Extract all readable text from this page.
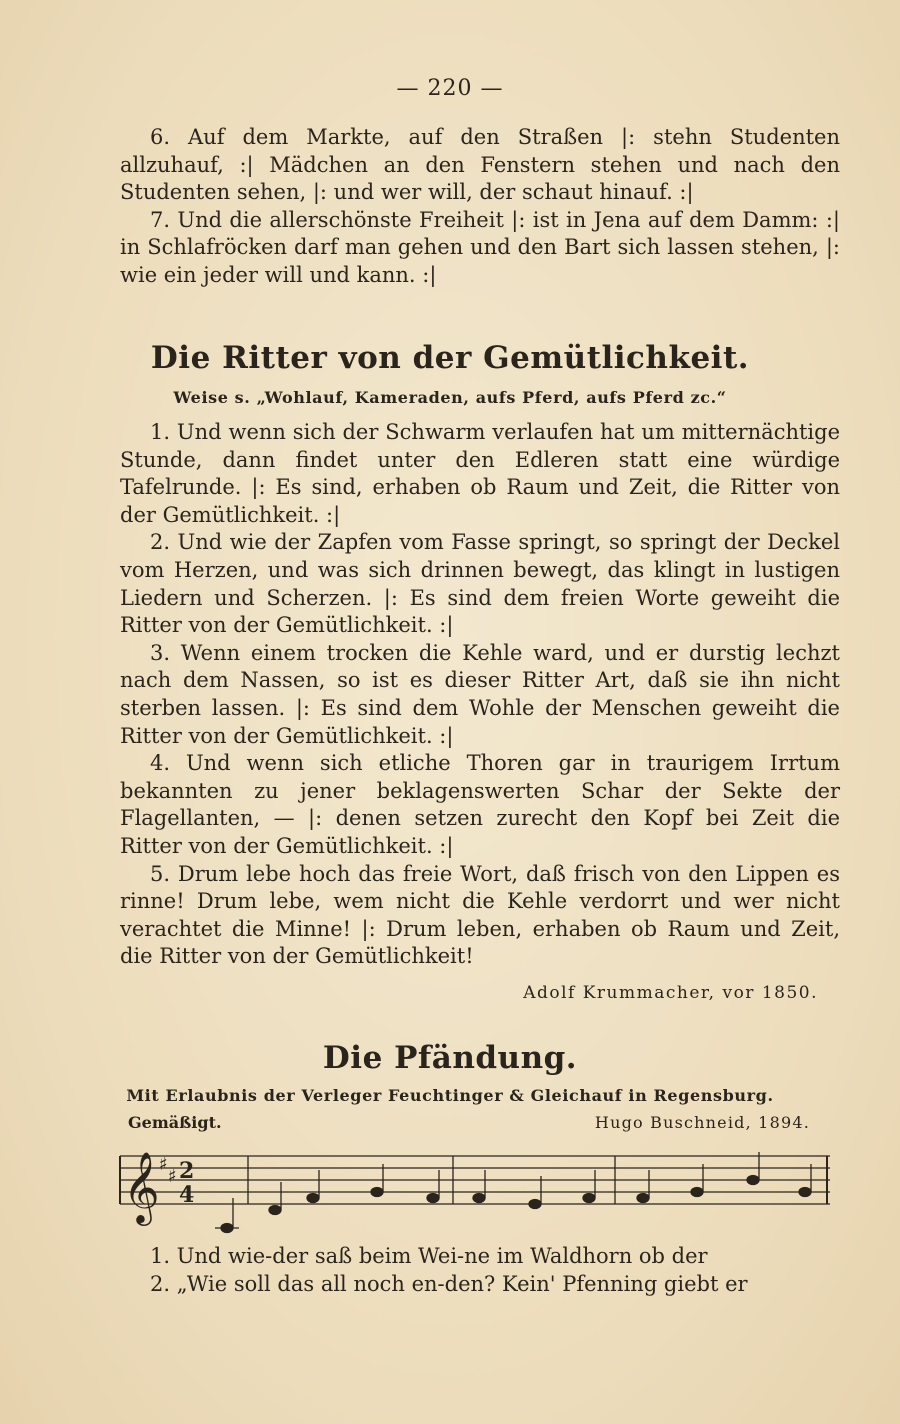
— 220 —

6. Auf dem Markte, auf den Straßen |: stehn Studenten allzuhauf, :| Mädchen an den Fenstern stehen und nach den Studenten sehen, |: und wer will, der schaut hinauf. :|

7. Und die allerschönste Freiheit |: ist in Jena auf dem Damm: :| in Schlafröcken darf man gehen und den Bart sich lassen stehen, |: wie ein jeder will und kann. :|

Die Ritter von der Gemütlichkeit.
Weise s. „Wohlauf, Kameraden, aufs Pferd, aufs Pferd zc.“

1. Und wenn sich der Schwarm verlaufen hat um mitternächtige Stunde, dann findet unter den Edleren statt eine würdige Tafelrunde. |: Es sind, erhaben ob Raum und Zeit, die Ritter von der Gemütlichkeit. :|

2. Und wie der Zapfen vom Fasse springt, so springt der Deckel vom Herzen, und was sich drinnen bewegt, das klingt in lustigen Liedern und Scherzen. |: Es sind dem freien Worte geweiht die Ritter von der Gemütlichkeit. :|

3. Wenn einem trocken die Kehle ward, und er durstig lechzt nach dem Nassen, so ist es dieser Ritter Art, daß sie ihn nicht sterben lassen. |: Es sind dem Wohle der Menschen geweiht die Ritter von der Gemütlichkeit. :|

4. Und wenn sich etliche Thoren gar in traurigem Irrtum bekannten zu jener beklagenswerten Schar der Sekte der Flagellanten, — |: denen setzen zurecht den Kopf bei Zeit die Ritter von der Gemütlichkeit. :|

5. Drum lebe hoch das freie Wort, daß frisch von den Lippen es rinne! Drum lebe, wem nicht die Kehle verdorrt und wer nicht verachtet die Minne! |: Drum leben, erhaben ob Raum und Zeit, die Ritter von der Gemütlichkeit!

Adolf Krummacher, vor 1850.
Die Pfändung.
Mit Erlaubnis der Verleger Feuchtinger & Gleichauf in Regensburg.
Gemäßigt.	Hugo Buschneid, 1894.
𝄞 ♯
♯ 2
4
1. Und wie-der saß beim Wei-ne im Waldhorn ob der
2. „Wie soll das all noch en-den? Kein' Pfenning giebt er
